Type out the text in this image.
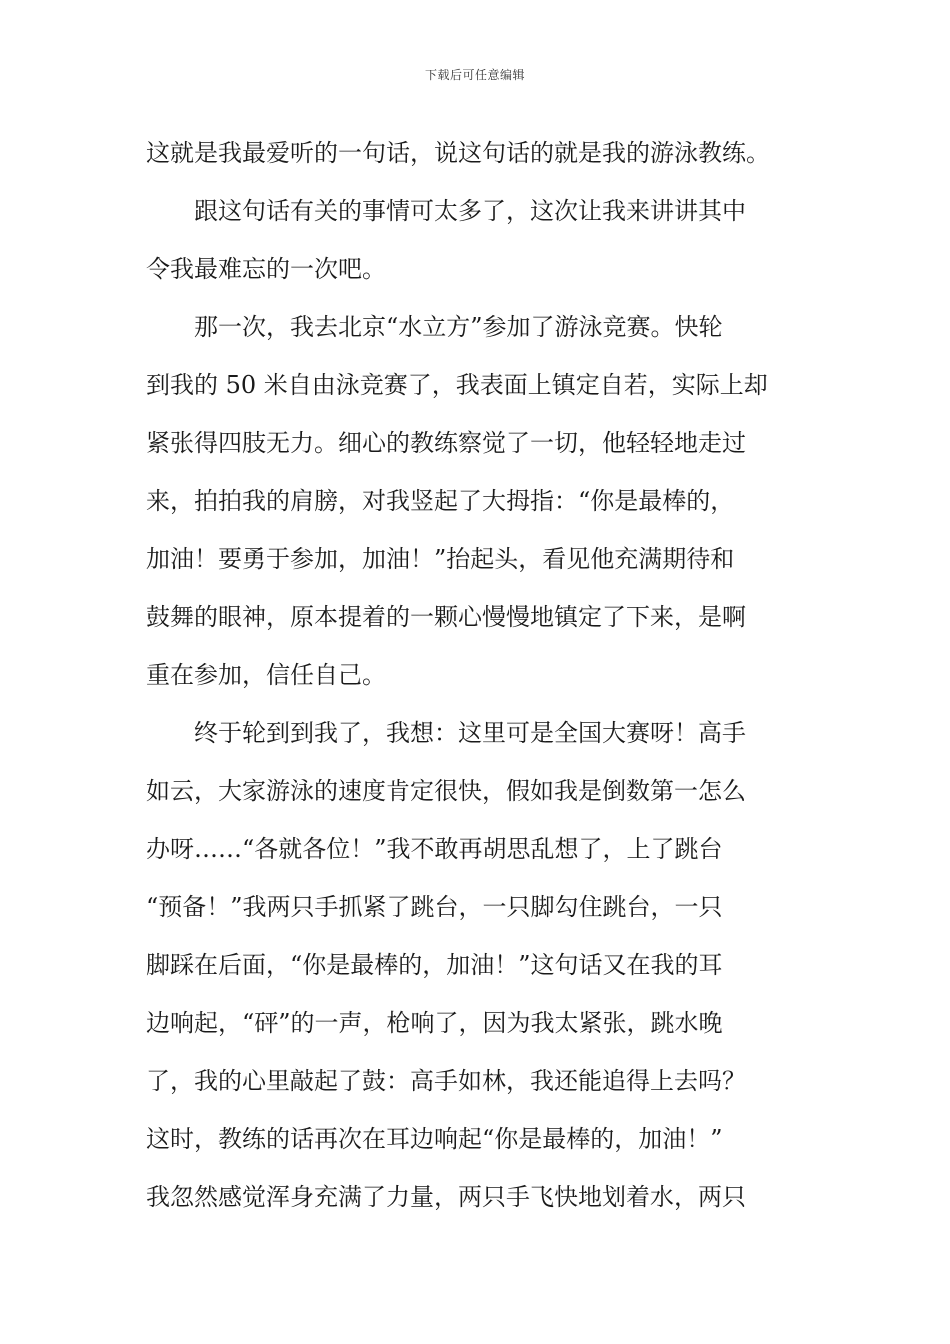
下载后可任意编辑
这就是我最爱听的一句话，说这句话的就是我的游泳教练。
　　跟这句话有关的事情可太多了，这次让我来讲讲其中
令我最难忘的一次吧。
　　那一次，我去北京“水立方”参加了游泳竞赛。快轮
到我的 50 米自由泳竞赛了，我表面上镇定自若，实际上却
紧张得四肢无力。细心的教练察觉了一切，他轻轻地走过
来，拍拍我的肩膀，对我竖起了大拇指：“你是最棒的，
加油！要勇于参加，加油！”抬起头，看见他充满期待和
鼓舞的眼神，原本提着的一颗心慢慢地镇定了下来，是啊
重在参加，信任自己。
　　终于轮到到我了，我想：这里可是全国大赛呀！高手
如云，大家游泳的速度肯定很快，假如我是倒数第一怎么
办呀……“各就各位！”我不敢再胡思乱想了，上了跳台
“预备！”我两只手抓紧了跳台，一只脚勾住跳台，一只
脚踩在后面，“你是最棒的，加油！”这句话又在我的耳
边响起，“砰”的一声，枪响了，因为我太紧张，跳水晚
了，我的心里敲起了鼓：高手如林，我还能追得上去吗？
这时，教练的话再次在耳边响起“你是最棒的，加油！”
我忽然感觉浑身充满了力量，两只手飞快地划着水，两只
